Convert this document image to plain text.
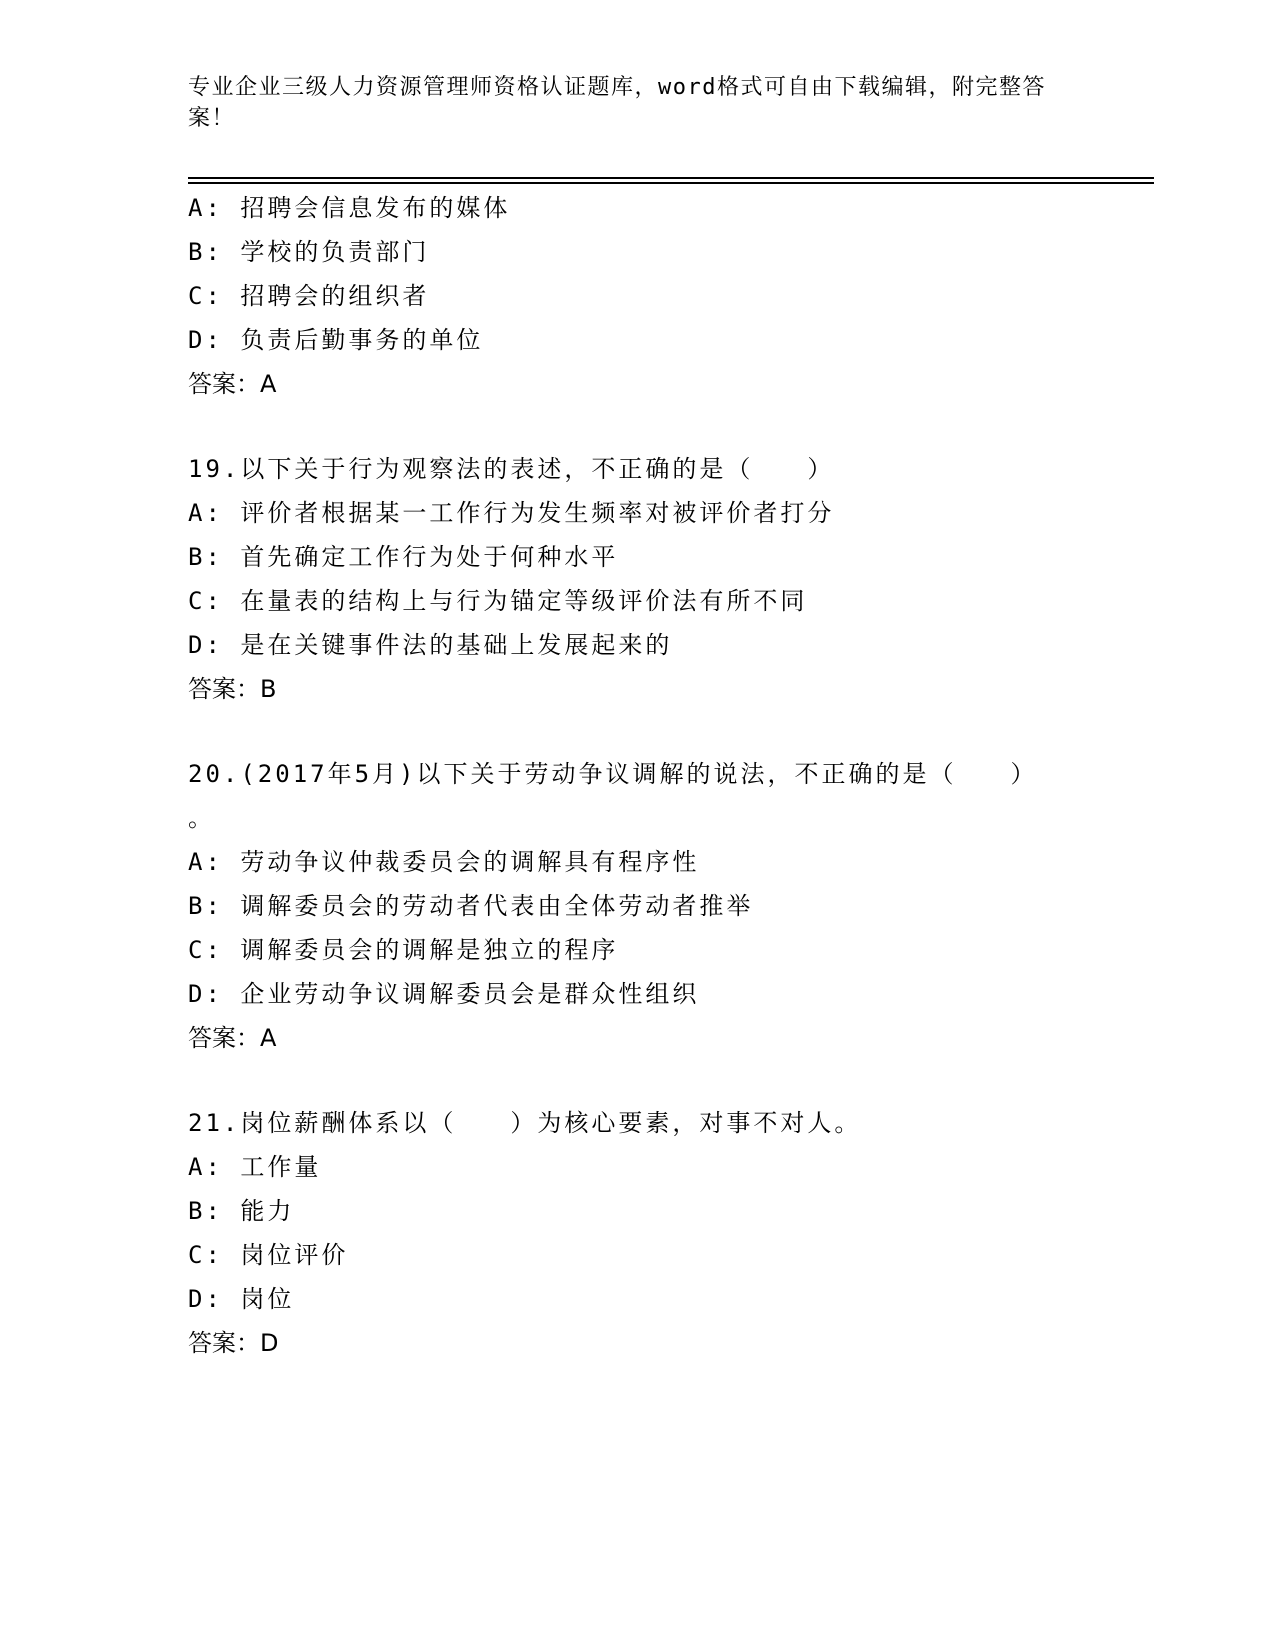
专业企业三级人力资源管理师资格认证题库，word格式可自由下载编辑，附完整答案！
A: 招聘会信息发布的媒体
B: 学校的负责部门
C: 招聘会的组织者
D: 负责后勤事务的单位
答案：A
19.以下关于行为观察法的表述，不正确的是（　　）
A: 评价者根据某一工作行为发生频率对被评价者打分
B: 首先确定工作行为处于何种水平
C: 在量表的结构上与行为锚定等级评价法有所不同
D: 是在关键事件法的基础上发展起来的
答案：B
20.(2017年5月)以下关于劳动争议调解的说法，不正确的是（　　）
。
A: 劳动争议仲裁委员会的调解具有程序性
B: 调解委员会的劳动者代表由全体劳动者推举
C: 调解委员会的调解是独立的程序
D: 企业劳动争议调解委员会是群众性组织
答案：A
21.岗位薪酬体系以（　　）为核心要素，对事不对人。
A: 工作量
B: 能力
C: 岗位评价
D: 岗位
答案：D
